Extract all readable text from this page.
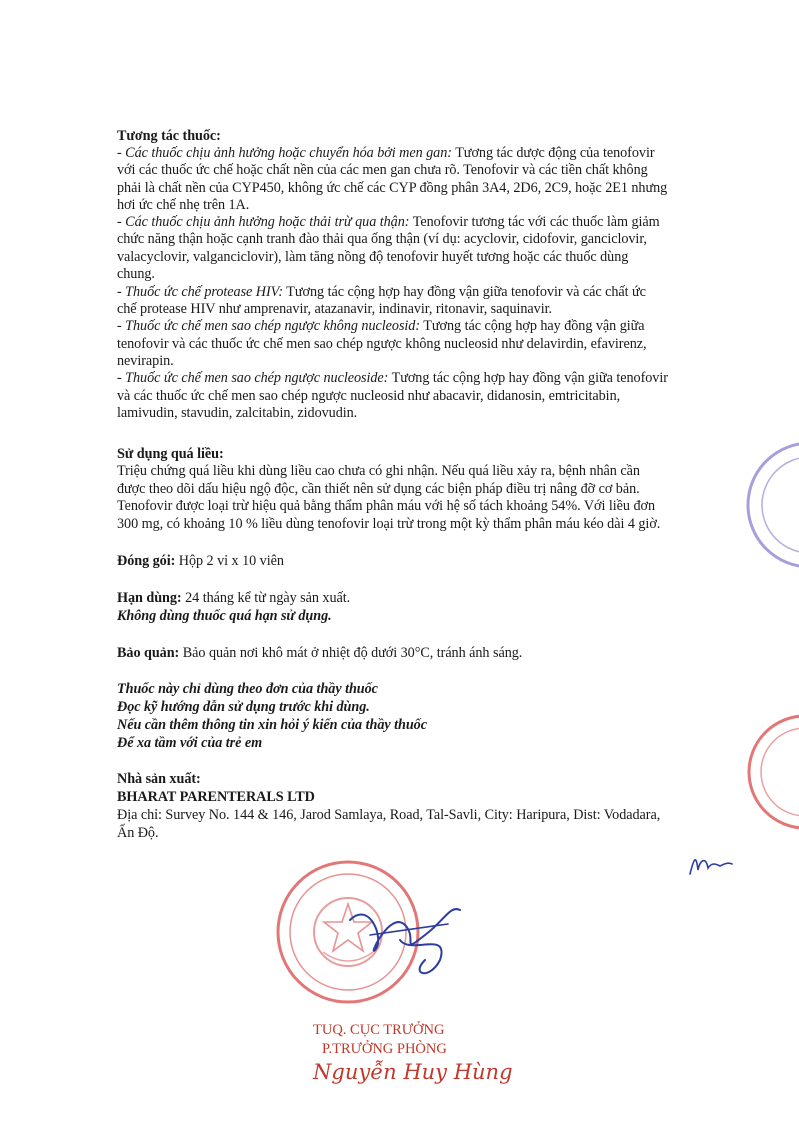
Tương tác thuốc:
- Các thuốc chịu ảnh hưởng hoặc chuyển hóa bởi men gan: Tương tác dược động của tenofovir
với các thuốc ức chế hoặc chất nền của các men gan chưa rõ. Tenofovir và các tiền chất không
phải là chất nền của CYP450, không ức chế các CYP đồng phân 3A4, 2D6, 2C9, hoặc 2E1 nhưng
hơi ức chế nhẹ trên 1A.
- Các thuốc chịu ảnh hưởng hoặc thải trừ qua thận: Tenofovir tương tác với các thuốc làm giảm
chức năng thận hoặc cạnh tranh đào thải qua ống thận (ví dụ: acyclovir, cidofovir, ganciclovir,
valacyclovir, valganciclovir), làm tăng nồng độ tenofovir huyết tương hoặc các thuốc dùng
chung.
- Thuốc ức chế protease HIV: Tương tác cộng hợp hay đồng vận giữa tenofovir và các chất ức
chế protease HIV như amprenavir, atazanavir, indinavir, ritonavir, saquinavir.
- Thuốc ức chế men sao chép ngược không nucleosid: Tương tác cộng hợp hay đồng vận giữa
tenofovir và các thuốc ức chế men sao chép ngược không nucleosid như delavirdin, efavirenz,
nevirapin.
- Thuốc ức chế men sao chép ngược nucleoside: Tương tác cộng hợp hay đồng vận giữa tenofovir
và các thuốc ức chế men sao chép ngược nucleosid như abacavir, didanosin, emtricitabin,
lamivudin, stavudin, zalcitabin, zidovudin.
Sử dụng quá liều:
Triệu chứng quá liều khi dùng liều cao chưa có ghi nhận. Nếu quá liều xảy ra, bệnh nhân cần
được theo dõi dấu hiệu ngộ độc, cần thiết nên sử dụng các biện pháp điều trị nâng đỡ cơ bản.
Tenofovir được loại trừ hiệu quả bằng thẩm phân máu với hệ số tách khoảng 54%. Với liều đơn
300 mg, có khoảng 10 % liều dùng tenofovir loại trừ trong một kỳ thẩm phân máu kéo dài 4 giờ.
Đóng gói: Hộp 2 vỉ x 10 viên
Hạn dùng: 24 tháng kể từ ngày sản xuất.
Không dùng thuốc quá hạn sử dụng.
Bảo quản: Bảo quản nơi khô mát ở nhiệt độ dưới 30°C, tránh ánh sáng.
Thuốc này chỉ dùng theo đơn của thầy thuốc
Đọc kỹ hướng dẫn sử dụng trước khi dùng.
Nếu cần thêm thông tin xin hỏi ý kiến của thầy thuốc
Để xa tầm với của trẻ em
Nhà sản xuất:
BHARAT PARENTERALS LTD
Địa chỉ: Survey No. 144 & 146, Jarod Samlaya, Road, Tal-Savli, City: Haripura, Dist: Vodadara,
Ấn Độ.
TUQ. CỤC TRƯỞNG
P.TRƯỞNG PHÒNG
Nguyễn Huy Hùng
